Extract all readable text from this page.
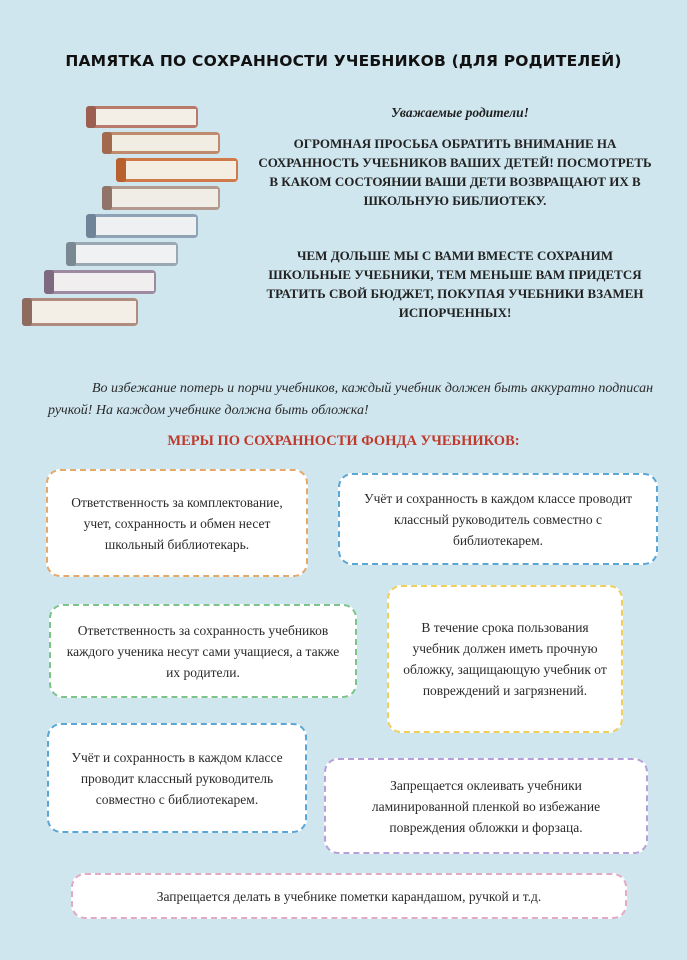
ПАМЯТКА ПО СОХРАННОСТИ УЧЕБНИКОВ (ДЛЯ РОДИТЕЛЕЙ)
Уважаемые родители!
ОГРОМНАЯ ПРОСЬБА ОБРАТИТЬ ВНИМАНИЕ НА СОХРАННОСТЬ УЧЕБНИКОВ ВАШИХ ДЕТЕЙ! ПОСМОТРЕТЬ В КАКОМ СОСТОЯНИИ ВАШИ ДЕТИ ВОЗВРАЩАЮТ ИХ В ШКОЛЬНУЮ БИБЛИОТЕКУ.
ЧЕМ ДОЛЬШЕ МЫ С ВАМИ ВМЕСТЕ СОХРАНИМ ШКОЛЬНЫЕ УЧЕБНИКИ, ТЕМ МЕНЬШЕ ВАМ ПРИДЕТСЯ ТРАТИТЬ СВОЙ БЮДЖЕТ, ПОКУПАЯ УЧЕБНИКИ ВЗАМЕН ИСПОРЧЕННЫХ!
Во избежание потерь и порчи учебников, каждый учебник должен быть аккуратно подписан ручкой! На каждом учебнике должна быть обложка!
МЕРЫ ПО СОХРАННОСТИ ФОНДА УЧЕБНИКОВ:
Ответственность за комплектование, учет, сохранность и обмен несет школьный библиотекарь.
Учёт и сохранность в каждом классе проводит классный руководитель совместно с библиотекарем.
Ответственность за сохранность учебников каждого ученика несут сами учащиеся, а также их родители.
В течение срока пользования учебник должен иметь прочную обложку, защищающую учебник от повреждений и загрязнений.
Учёт и сохранность в каждом классе проводит классный руководитель совместно с библиотекарем.
Запрещается оклеивать учебники ламинированной пленкой во избежание повреждения обложки и форзаца.
Запрещается делать в учебнике пометки карандашом, ручкой и т.д.
